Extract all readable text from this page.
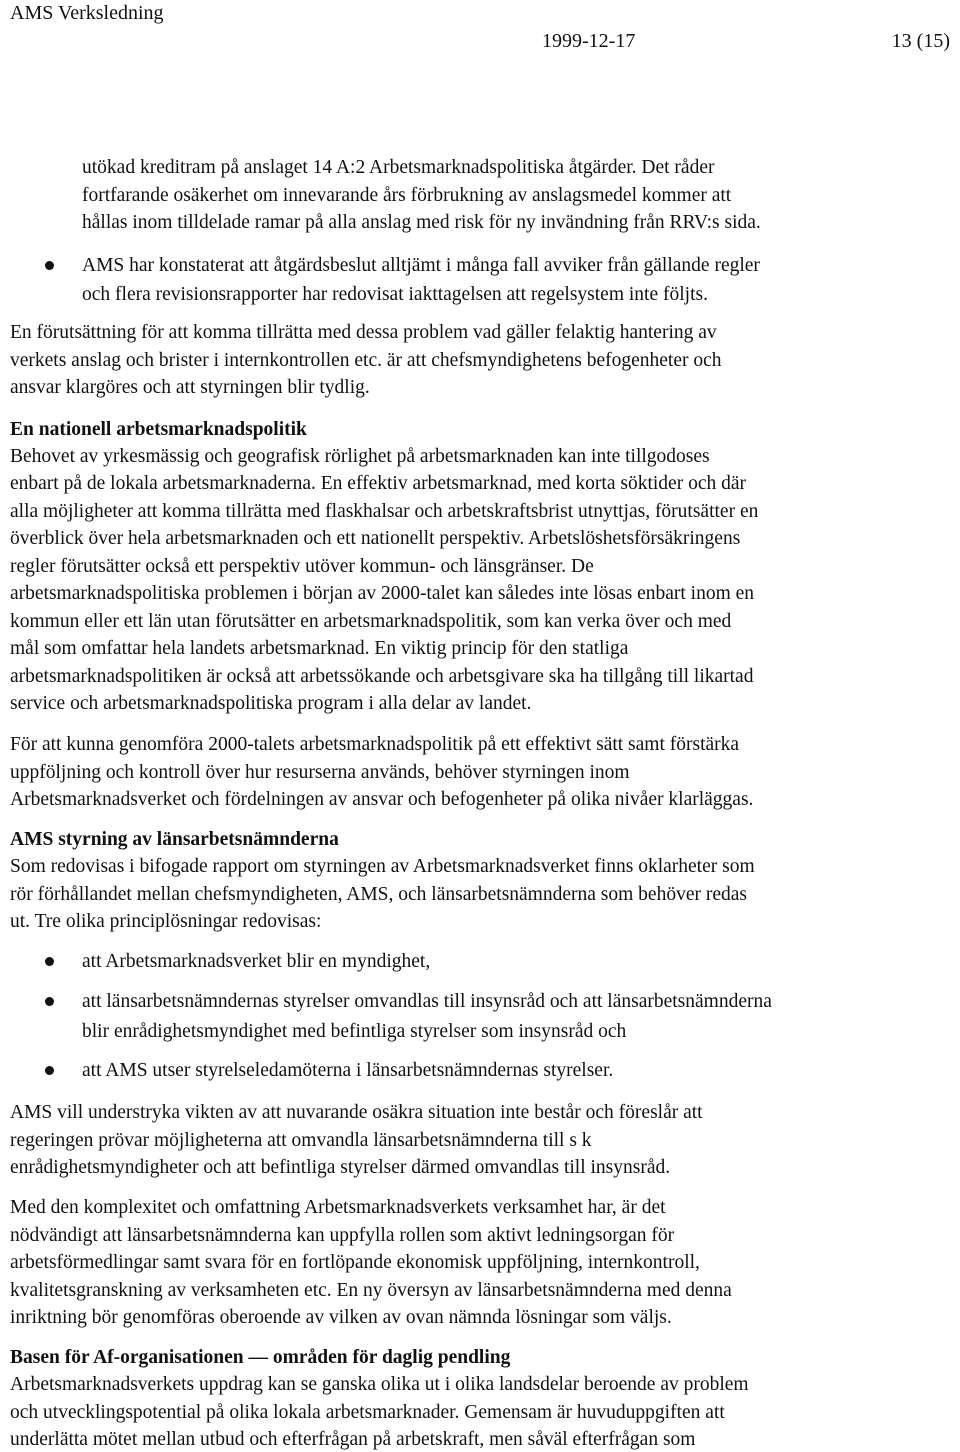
AMS Verksledning
1999-12-17	13 (15)
utökad kreditram på anslaget 14 A:2 Arbetsmarknadspolitiska åtgärder. Det råder
fortfarande osäkerhet om innevarande års förbrukning av anslagsmedel kommer att
hållas inom tilldelade ramar på alla anslag med risk för ny invändning från RRV:s sida.
AMS har konstaterat att åtgärdsbeslut alltjämt i många fall avviker från gällande regler
och flera revisionsrapporter har redovisat iakttagelsen att regelsystem inte följts.
En förutsättning för att komma tillrätta med dessa problem vad gäller felaktig hantering av
verkets anslag och brister i internkontrollen etc. är att chefsmyndighetens befogenheter och
ansvar klargöres och att styrningen blir tydlig.
En nationell arbetsmarknadspolitik
Behovet av yrkesmässig och geografisk rörlighet på arbetsmarknaden kan inte tillgodoses
enbart på de lokala arbetsmarknaderna. En effektiv arbetsmarknad, med korta söktider och där
alla möjligheter att komma tillrätta med flaskhalsar och arbetskraftsbrist utnyttjas, förutsätter en
överblick över hela arbetsmarknaden och ett nationellt perspektiv. Arbetslöshetsförsäkringens
regler förutsätter också ett perspektiv utöver kommun- och länsgränser. De
arbetsmarknadspolitiska problemen i början av 2000-talet kan således inte lösas enbart inom en
kommun eller ett län utan förutsätter en arbetsmarknadspolitik, som kan verka över och med
mål som omfattar hela landets arbetsmarknad. En viktig princip för den statliga
arbetsmarknadspolitiken är också att arbetssökande och arbetsgivare ska ha tillgång till likartad
service och arbetsmarknadspolitiska program i alla delar av landet.
För att kunna genomföra 2000-talets arbetsmarknadspolitik på ett effektivt sätt samt förstärka
uppföljning och kontroll över hur resurserna används, behöver styrningen inom
Arbetsmarknadsverket och fördelningen av ansvar och befogenheter på olika nivåer klarläggas.
AMS styrning av länsarbetsnämnderna
Som redovisas i bifogade rapport om styrningen av Arbetsmarknadsverket finns oklarheter som
rör förhållandet mellan chefsmyndigheten, AMS, och länsarbetsnämnderna som behöver redas
ut. Tre olika principlösningar redovisas:
att Arbetsmarknadsverket blir en myndighet,
att länsarbetsnämndernas styrelser omvandlas till insynsråd och att länsarbetsnämnderna
blir enrådighetsmyndighet med befintliga styrelser som insynsråd och
att AMS utser styrelseledamöterna i länsarbetsnämndernas styrelser.
AMS vill understryka vikten av att nuvarande osäkra situation inte består och föreslår att
regeringen prövar möjligheterna att omvandla länsarbetsnämnderna till s k
enrådighetsmyndigheter och att befintliga styrelser därmed omvandlas till insynsråd.
Med den komplexitet och omfattning Arbetsmarknadsverkets verksamhet har, är det
nödvändigt att länsarbetsnämnderna kan uppfylla rollen som aktivt ledningsorgan för
arbetsförmedlingar samt svara för en fortlöpande ekonomisk uppföljning, internkontroll,
kvalitetsgranskning av verksamheten etc. En ny översyn av länsarbetsnämnderna med denna
inriktning bör genomföras oberoende av vilken av ovan nämnda lösningar som väljs.
Basen för Af-organisationen — områden för daglig pendling
Arbetsmarknadsverkets uppdrag kan se ganska olika ut i olika landsdelar beroende av problem
och utvecklingspotential på olika lokala arbetsmarknader. Gemensam är huvuduppgiften att
underlätta mötet mellan utbud och efterfrågan på arbetskraft, men såväl efterfrågan som
